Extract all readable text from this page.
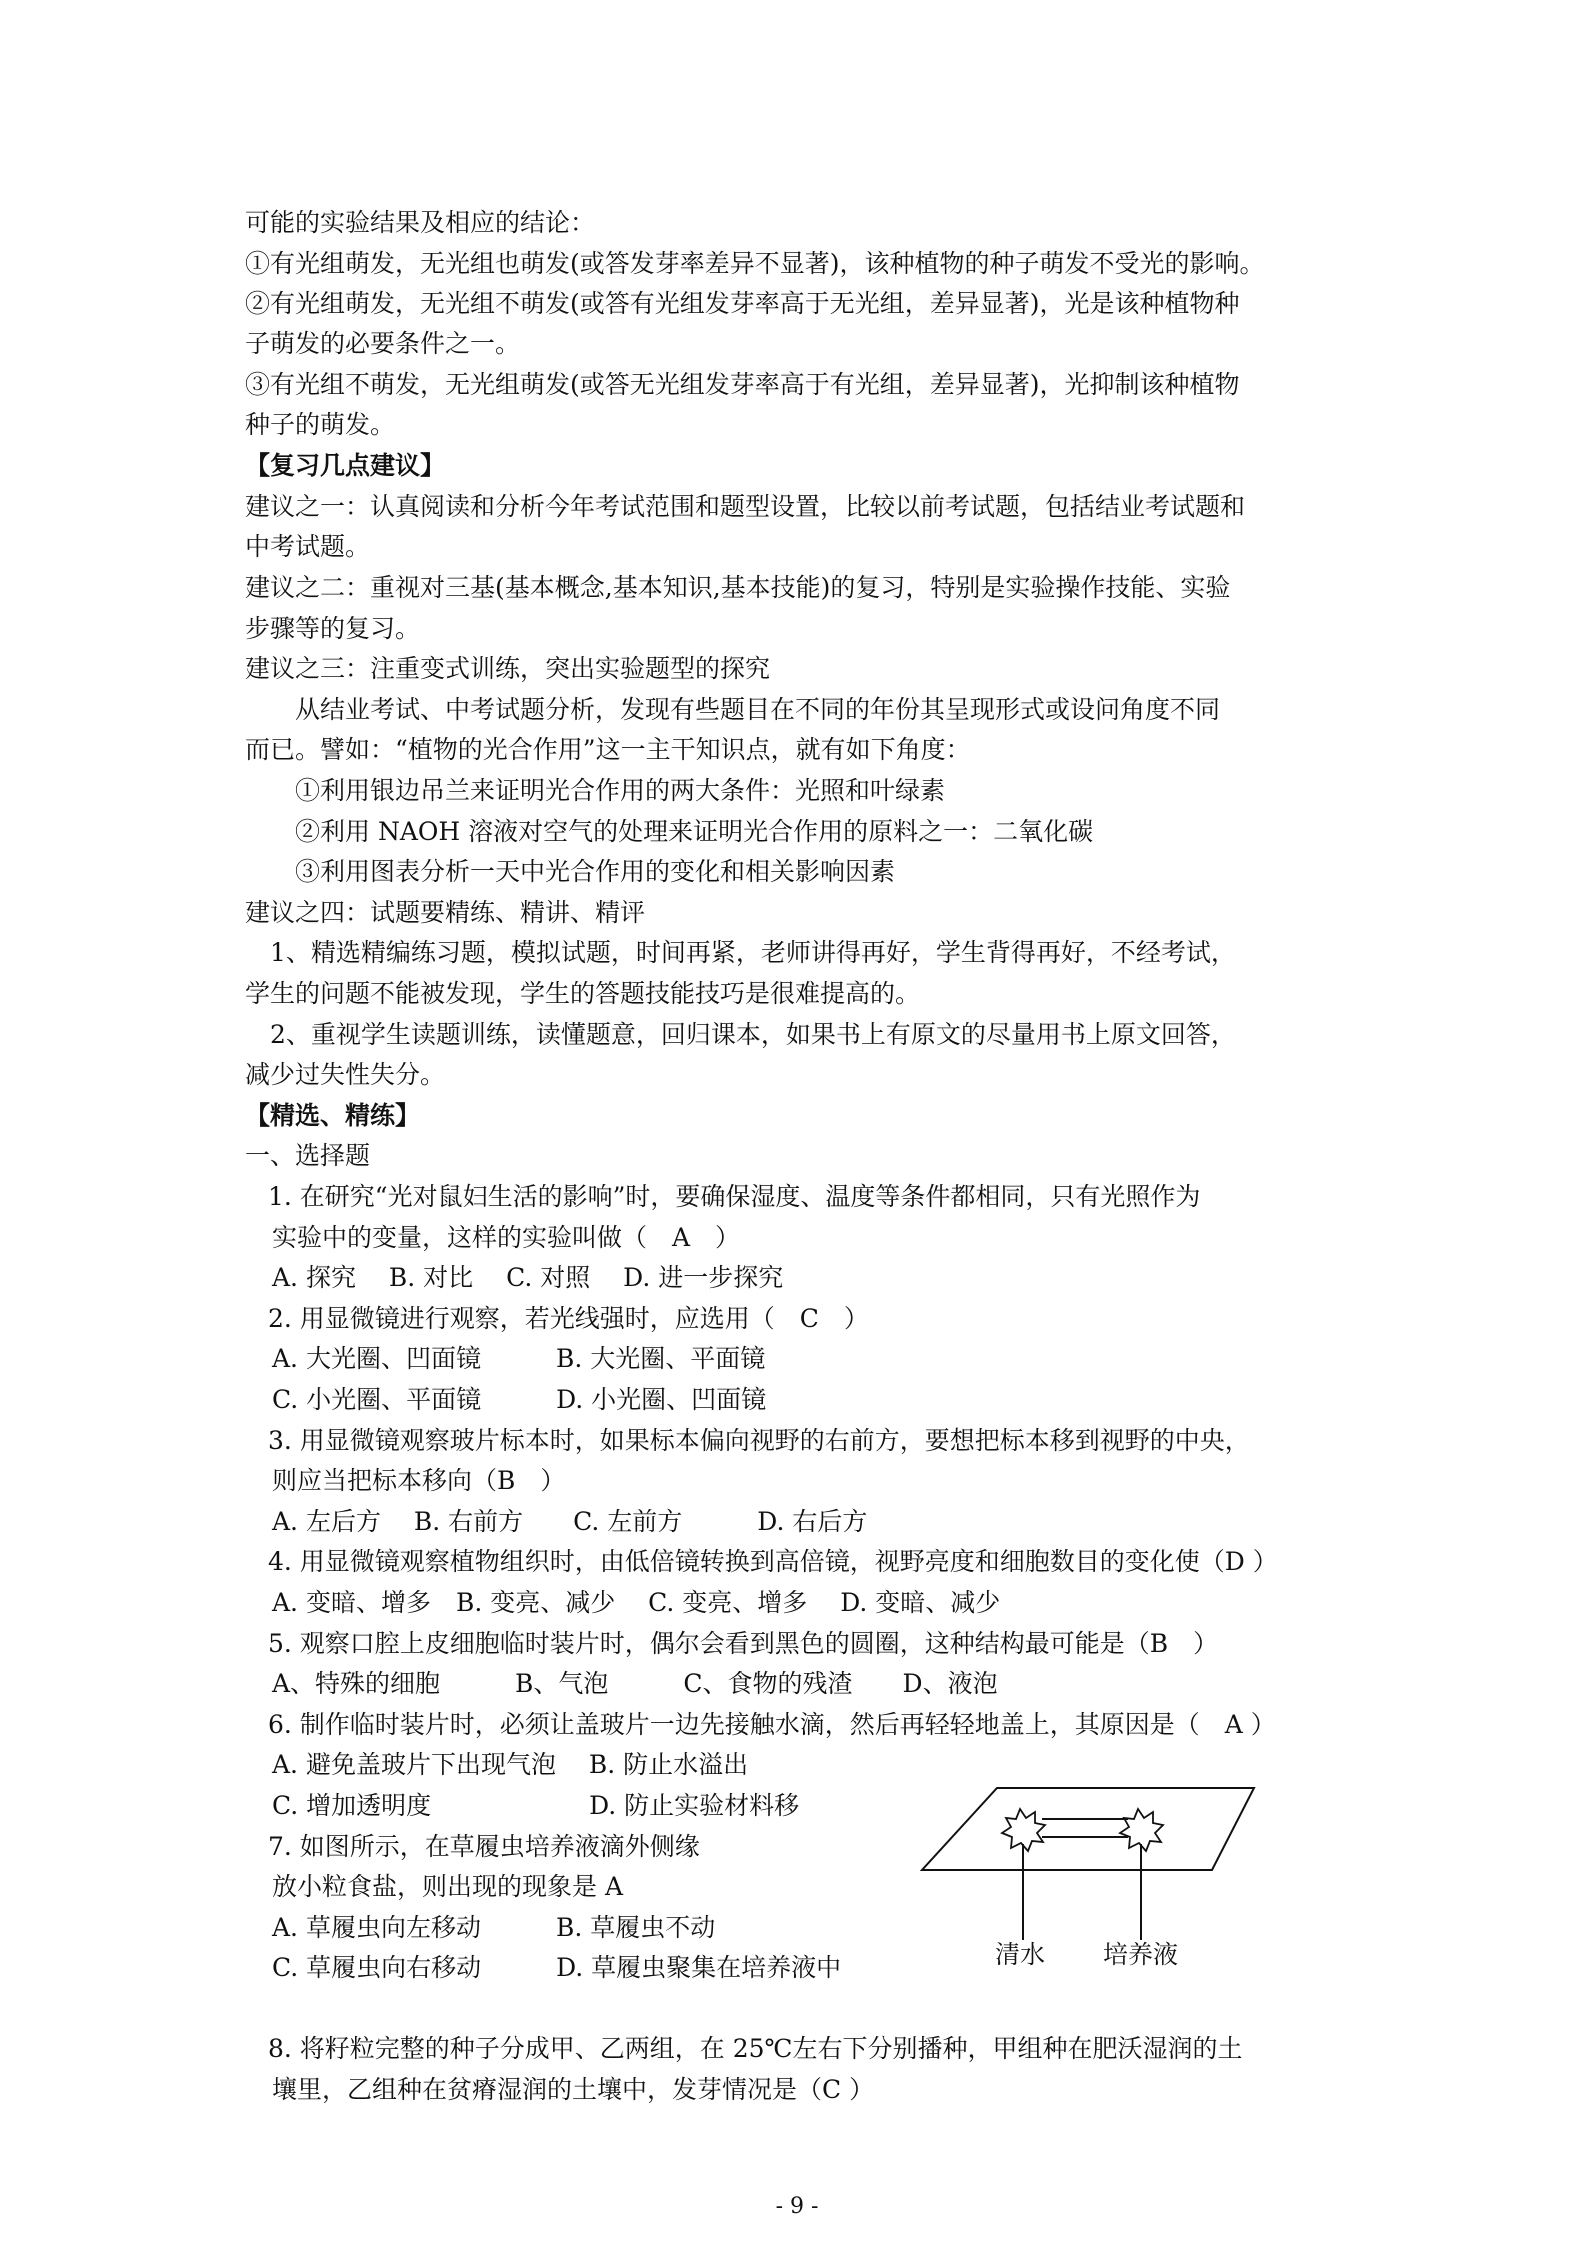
可能的实验结果及相应的结论：
①有光组萌发，无光组也萌发(或答发芽率差异不显著)，该种植物的种子萌发不受光的影响。
②有光组萌发，无光组不萌发(或答有光组发芽率高于无光组，差异显著)，光是该种植物种
子萌发的必要条件之一。
③有光组不萌发，无光组萌发(或答无光组发芽率高于有光组，差异显著)，光抑制该种植物
种子的萌发。
【复习几点建议】
建议之一：认真阅读和分析今年考试范围和题型设置，比较以前考试题，包括结业考试题和
中考试题。
建议之二：重视对三基(基本概念,基本知识,基本技能)的复习，特别是实验操作技能、实验
步骤等的复习。
建议之三：注重变式训练，突出实验题型的探究
从结业考试、中考试题分析，发现有些题目在不同的年份其呈现形式或设问角度不同
而已。譬如：“植物的光合作用”这一主干知识点，就有如下角度：
①利用银边吊兰来证明光合作用的两大条件：光照和叶绿素
②利用 NAOH 溶液对空气的处理来证明光合作用的原料之一：二氧化碳
③利用图表分析一天中光合作用的变化和相关影响因素
建议之四：试题要精练、精讲、精评
1、精选精编练习题，模拟试题，时间再紧，老师讲得再好，学生背得再好，不经考试，
学生的问题不能被发现，学生的答题技能技巧是很难提高的。
2、重视学生读题训练，读懂题意，回归课本，如果书上有原文的尽量用书上原文回答，
减少过失性失分。
【精选、精练】
一、选择题
1. 在研究“光对鼠妇生活的影响”时，要确保湿度、温度等条件都相同，只有光照作为
实验中的变量，这样的实验叫做（　A　）
A. 探究　 B. 对比　 C. 对照　 D. 进一步探究
2. 用显微镜进行观察，若光线强时，应选用（　C　）
A. 大光圈、凹面镜　　　B. 大光圈、平面镜
C. 小光圈、平面镜　　　D. 小光圈、凹面镜
3. 用显微镜观察玻片标本时，如果标本偏向视野的右前方，要想把标本移到视野的中央，
则应当把标本移向（B　）
A. 左后方　 B. 右前方　　C. 左前方　　　D. 右后方
4. 用显微镜观察植物组织时，由低倍镜转换到高倍镜，视野亮度和细胞数目的变化使（D ）
A. 变暗、增多　B. 变亮、减少　 C. 变亮、增多　 D. 变暗、减少
5. 观察口腔上皮细胞临时装片时，偶尔会看到黑色的圆圈，这种结构最可能是（B　）
A、特殊的细胞　　　B、气泡　　　C、食物的残渣　　D、液泡
6. 制作临时装片时，必须让盖玻片一边先接触水滴，然后再轻轻地盖上，其原因是（　A ）
A. 避免盖玻片下出现气泡　 B. 防止水溢出
C. 增加透明度　　　　　　 D. 防止实验材料移
7. 如图所示，在草履虫培养液滴外侧缘
放小粒食盐，则出现的现象是 A
A. 草履虫向左移动　　　B. 草履虫不动
C. 草履虫向右移动　　　D. 草履虫聚集在培养液中
8. 将籽粒完整的种子分成甲、乙两组，在 25℃左右下分别播种，甲组种在肥沃湿润的土
壤里，乙组种在贫瘠湿润的土壤中，发芽情况是（C ）
清水 培养液
- 9 -
